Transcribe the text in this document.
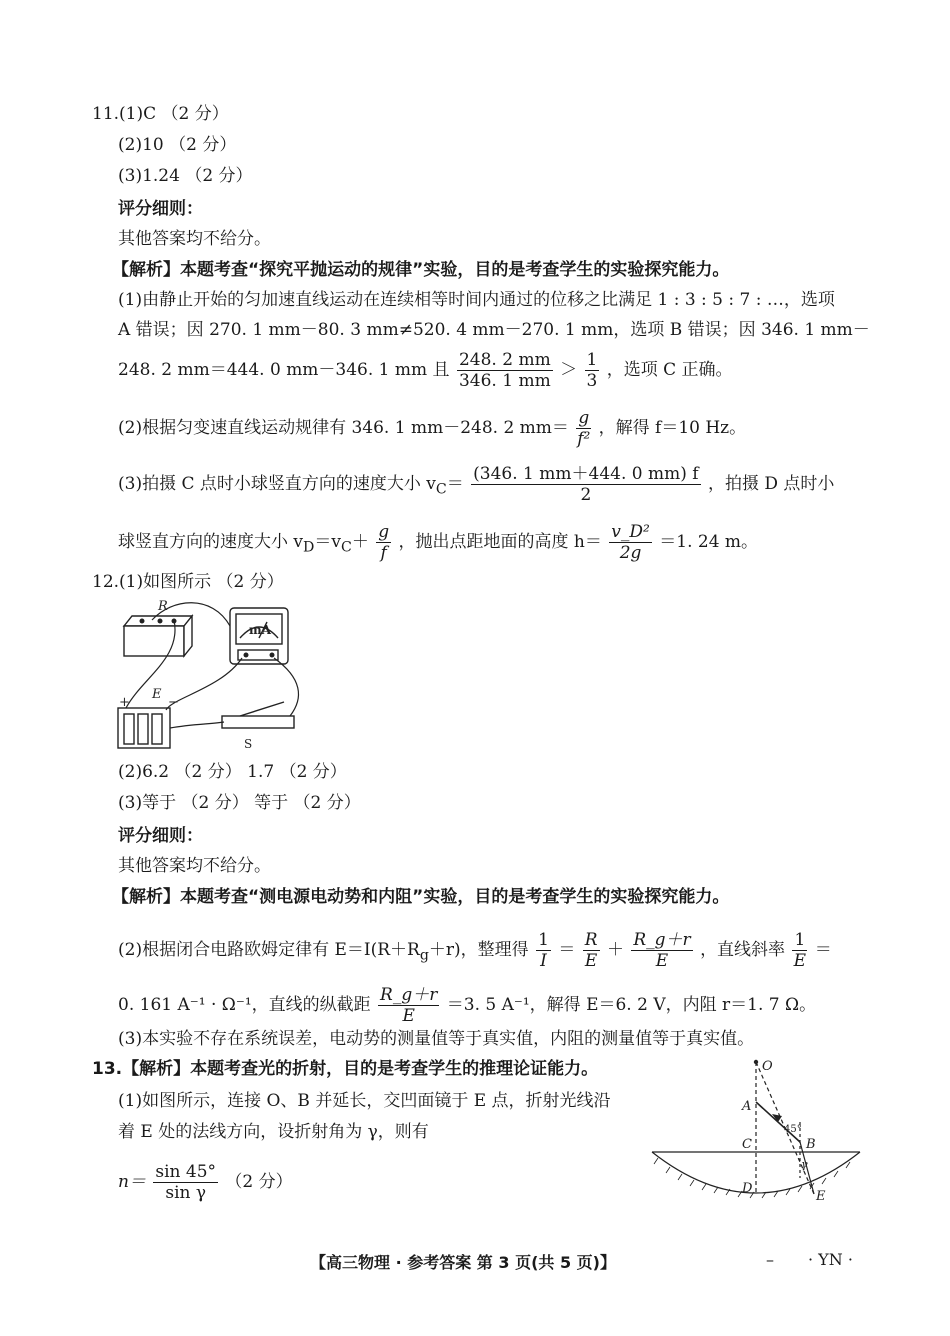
11.(1)C （2 分）
(2)10 （2 分）
(3)1.24 （2 分）
评分细则：
其他答案均不给分。
【解析】本题考查“探究平抛运动的规律”实验，目的是考查学生的实验探究能力。
(1)由静止开始的匀加速直线运动在连续相等时间内通过的位移之比满足 1 : 3 : 5 : 7 : …，选项
A 错误；因 270. 1 mm－80. 3 mm≠520. 4 mm－270. 1 mm，选项 B 错误；因 346. 1 mm－
248. 2 mm＝444. 0 mm－346. 1 mm 且 $\frac{248. 2 mm}{346. 1 mm} > \frac{1}{3}$ ，选项 C 正确。
(2)根据匀变速直线运动规律有 346. 1 mm－248. 2 $mm= \frac{g}{\text{f²}}$ ，解得 f＝10 Hz。
(3)拍摄 C 点时小球竖直方向的速度大小 $v_C= \frac{(346. 1 mm+444. 0 mm) f}{2}$ ，拍摄 D 点时小
球竖直方向的速度大小 $v_D=v_C+ \frac{g}{f}$ ，抛出点距地面的高度 $h= \frac{\text{v\_D²}}{2g} =1$. 24 m。
12.(1)如图所示 （2 分）
R
mA
E
+	−
S
(2)6.2 （2 分） 1.7 （2 分）
(3)等于 （2 分） 等于 （2 分）
评分细则：
其他答案均不给分。
【解析】本题考查“测电源电动势和内阻”实验，目的是考查学生的实验探究能力。
(2)根据闭合电路欧姆定律有 $E=I(R+R_g+r)$，整理得 $\frac{1}{I} = \frac{R}{E} + \frac{R\_g+r}{E}$ ，直线斜率 $\frac{1}{E}$ ＝
0. 161 A⁻¹ · Ω⁻¹，直线的纵截距 $\frac{R\_g+r}{E} =3$. 5 A⁻¹，解得 E＝6. 2 V，内阻 r＝1. 7 Ω。
(3)本实验不存在系统误差，电动势的测量值等于真实值，内阻的测量值等于真实值。
13.【解析】本题考查光的折射，目的是考查学生的推理论证能力。
(1)如图所示，连接 O、B 并延长，交凹面镜于 E 点，折射光线沿
着 E 处的法线方向，设折射角为 γ，则有
$n= \frac{\sin 45^\circ}{\text{sin γ}} (2$ 分）
O
A
B
C
D
E
45°
γ
【高三物理 · 参考答案 第 3 页(共 5 页)】	– · YN ·
